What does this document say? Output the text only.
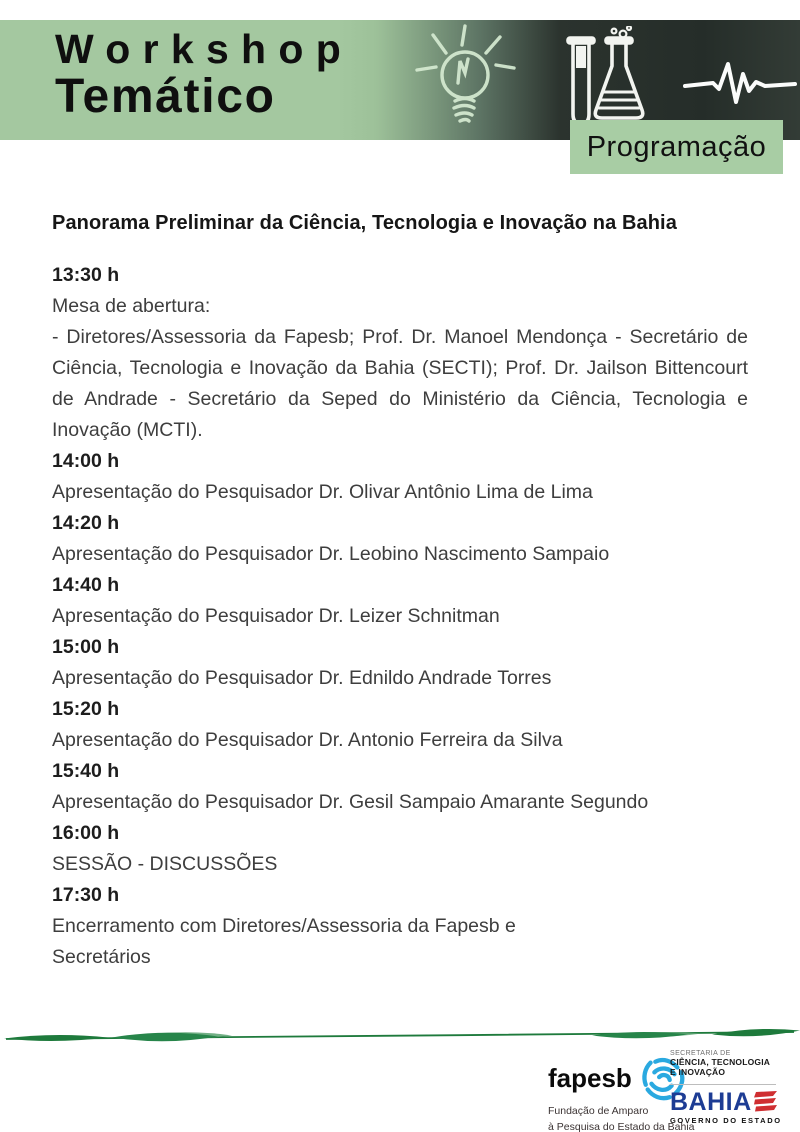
Workshop
Temático
Programação
Panorama Preliminar da Ciência, Tecnologia e Inovação na Bahia
13:30 h
Mesa de abertura:
- Diretores/Assessoria da Fapesb; Prof. Dr. Manoel Mendonça - Secretário de Ciência, Tecnologia e Inovação da Bahia (SECTI); Prof. Dr. Jailson Bittencourt de Andrade - Secretário da Seped do Ministério da Ciência, Tecnologia e Inovação (MCTI).
14:00 h
Apresentação do Pesquisador Dr. Olivar Antônio Lima de Lima
14:20 h
Apresentação do Pesquisador Dr. Leobino Nascimento Sampaio
14:40 h
Apresentação do Pesquisador Dr. Leizer Schnitman
15:00 h
Apresentação do Pesquisador Dr. Ednildo Andrade Torres
15:20 h
Apresentação do Pesquisador Dr. Antonio Ferreira da Silva
15:40 h
Apresentação do Pesquisador Dr. Gesil Sampaio Amarante Segundo
16:00 h
SESSÃO - DISCUSSÕES
17:30 h
Encerramento com Diretores/Assessoria da Fapesb e
Secretários
fapesb
Fundação de Amparo
à Pesquisa do Estado da Bahia
SECRETARIA DE
CIÊNCIA, TECNOLOGIA
E INOVAÇÃO
BAHIA
GOVERNO DO ESTADO
